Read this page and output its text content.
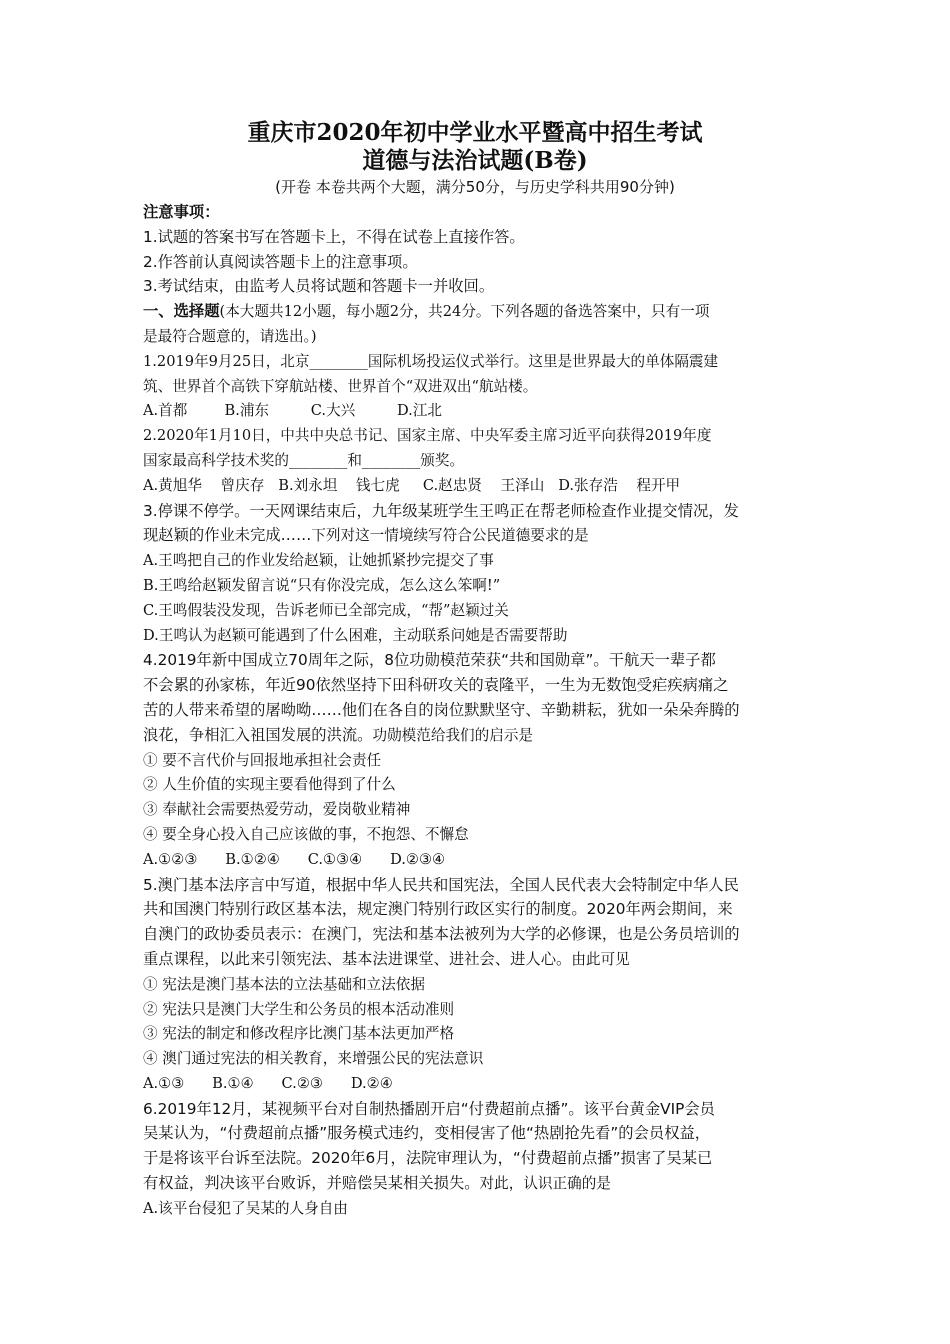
重庆市2020年初中学业水平暨高中招生考试
道德与法治试题(B卷)
(开卷 本卷共两个大题，满分50分，与历史学科共用90分钟)
注意事项：
1.试题的答案书写在答题卡上，不得在试卷上直接作答。
2.作答前认真阅读答题卡上的注意事项。
3.考试结束，由监考人员将试题和答题卡一并收回。
一、选择题(本大题共12小题，每小题2分，共24分。下列各题的备选答案中，只有一项
是最符合题意的，请选出。)
1.2019年9月25日，北京________国际机场投运仪式举行。这里是世界最大的单体隔震建
筑、世界首个高铁下穿航站楼、世界首个“双进双出“航站楼。
A.首都        B.浦东         C.大兴         D.江北
2.2020年1月10日，中共中央总书记、国家主席、中央军委主席习近平向获得2019年度
国家最高科学技术奖的________和________颁奖。
A.黄旭华    曾庆存   B.刘永坦    钱七虎     C.赵忠贤    王泽山   D.张存浩    程开甲
3.停课不停学。一天网课结束后，九年级某班学生王鸣正在帮老师检查作业提交情况，发
现赵颖的作业未完成……下列对这一情境续写符合公民道德要求的是
A.王鸣把自己的作业发给赵颖，让她抓紧抄完提交了事
B.王鸣给赵颖发留言说“只有你没完成，怎么这么笨啊!”
C.王鸣假装没发现，告诉老师已全部完成，“帮”赵颖过关
D.王鸣认为赵颖可能遇到了什么困难，主动联系问她是否需要帮助
4.2019年新中国成立70周年之际，8位功勋模范荣获“共和国勋章”。干航天一辈子都
不会累的孙家栋，年近90依然坚持下田科研攻关的袁隆平，一生为无数饱受疟疾病痛之
苦的人带来希望的屠呦呦……他们在各自的岗位默默坚守、辛勤耕耘，犹如一朵朵奔腾的
浪花，争相汇入祖国发展的洪流。功勋模范给我们的启示是
① 要不言代价与回报地承担社会责任
② 人生价值的实现主要看他得到了什么
③ 奉献社会需要热爱劳动，爱岗敬业精神
④ 要全身心投入自己应该做的事，不抱怨、不懈怠
A.①②③      B.①②④      C.①③④      D.②③④
5.澳门基本法序言中写道，根据中华人民共和国宪法，全国人民代表大会特制定中华人民
共和国澳门特别行政区基本法，规定澳门特别行政区实行的制度。2020年两会期间，来
自澳门的政协委员表示：在澳门，宪法和基本法被列为大学的必修课，也是公务员培训的
重点课程，以此来引领宪法、基本法进课堂、进社会、进人心。由此可见
① 宪法是澳门基本法的立法基础和立法依据
② 宪法只是澳门大学生和公务员的根本活动准则
③ 宪法的制定和修改程序比澳门基本法更加严格
④ 澳门通过宪法的相关教育，来增强公民的宪法意识
A.①③      B.①④      C.②③      D.②④
6.2019年12月，某视频平台对自制热播剧开启“付费超前点播”。该平台黄金VIP会员
吴某认为，“付费超前点播”服务模式违约，变相侵害了他“热剧抢先看”的会员权益，
于是将该平台诉至法院。2020年6月，法院审理认为，“付费超前点播”损害了吴某已
有权益，判决该平台败诉，并赔偿吴某相关损失。对此，认识正确的是
A.该平台侵犯了吴某的人身自由
